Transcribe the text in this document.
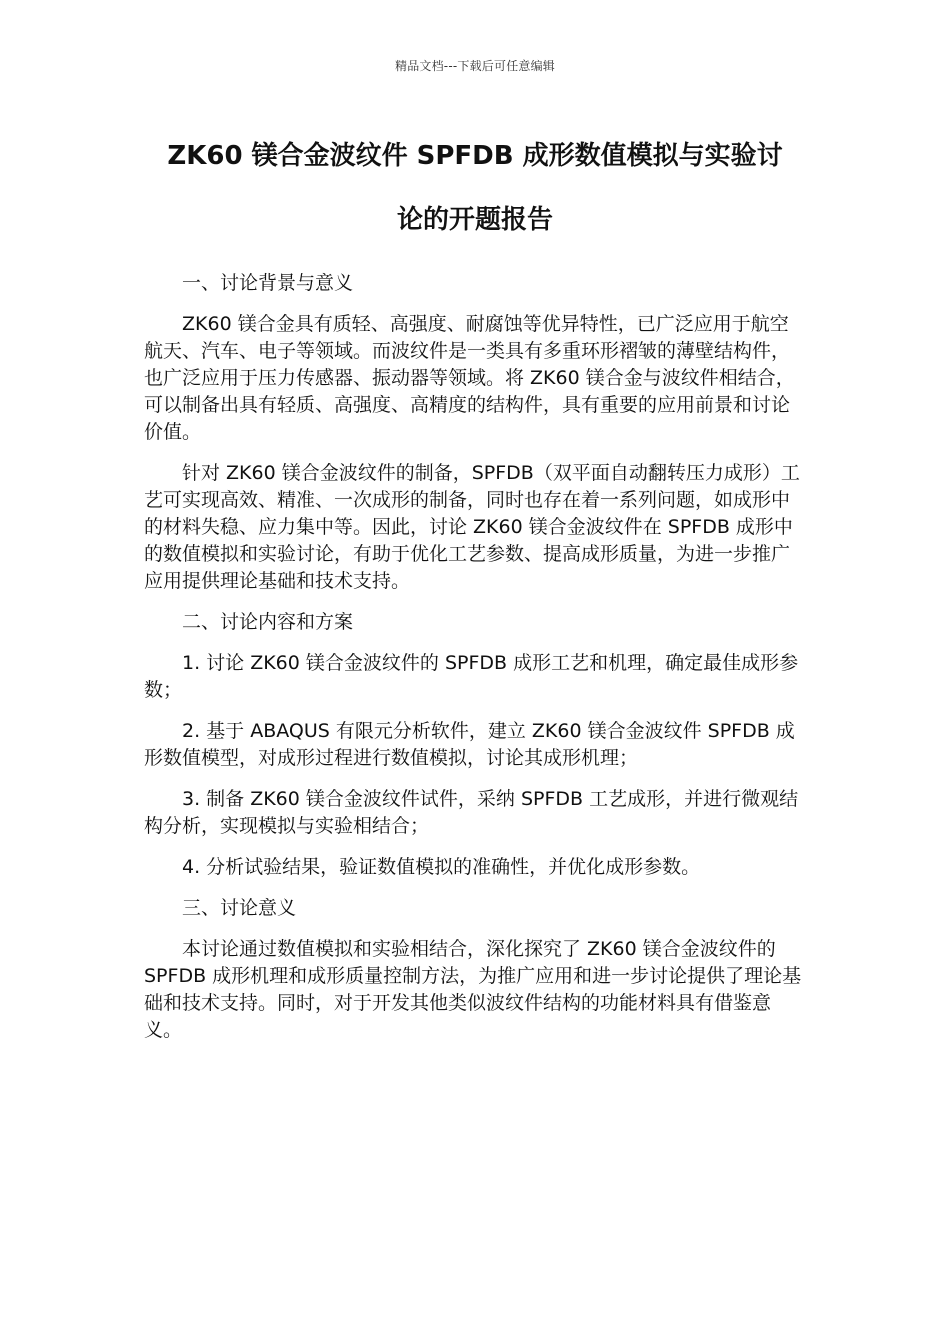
精品文档---下载后可任意编辑
ZK60 镁合金波纹件 SPFDB 成形数值模拟与实验讨
论的开题报告

一、讨论背景与意义

ZK60 镁合金具有质轻、高强度、耐腐蚀等优异特性，已广泛应用于航空航天、汽车、电子等领域。而波纹件是一类具有多重环形褶皱的薄壁结构件，也广泛应用于压力传感器、振动器等领域。将 ZK60 镁合金与波纹件相结合，可以制备出具有轻质、高强度、高精度的结构件，具有重要的应用前景和讨论价值。

针对 ZK60 镁合金波纹件的制备，SPFDB（双平面自动翻转压力成形）工艺可实现高效、精准、一次成形的制备，同时也存在着一系列问题，如成形中的材料失稳、应力集中等。因此，讨论 ZK60 镁合金波纹件在 SPFDB 成形中的数值模拟和实验讨论，有助于优化工艺参数、提高成形质量，为进一步推广应用提供理论基础和技术支持。

二、讨论内容和方案

1. 讨论 ZK60 镁合金波纹件的 SPFDB 成形工艺和机理，确定最佳成形参数；

2. 基于 ABAQUS 有限元分析软件，建立 ZK60 镁合金波纹件 SPFDB 成形数值模型，对成形过程进行数值模拟，讨论其成形机理；

3. 制备 ZK60 镁合金波纹件试件，采纳 SPFDB 工艺成形，并进行微观结构分析，实现模拟与实验相结合；

4. 分析试验结果，验证数值模拟的准确性，并优化成形参数。

三、讨论意义

本讨论通过数值模拟和实验相结合，深化探究了 ZK60 镁合金波纹件的 SPFDB 成形机理和成形质量控制方法，为推广应用和进一步讨论提供了理论基础和技术支持。同时，对于开发其他类似波纹件结构的功能材料具有借鉴意义。
